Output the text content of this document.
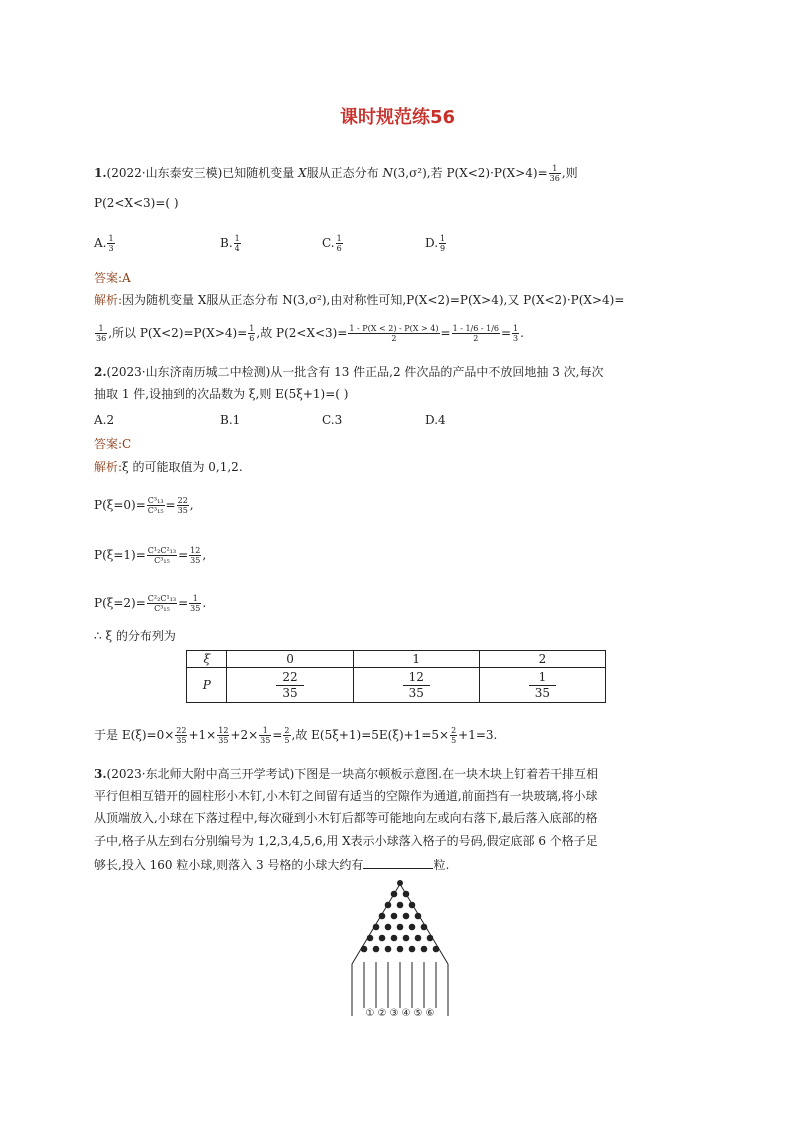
课时规范练56
1.(2022·山东泰安三模)已知随机变量 X服从正态分布 N(3,σ²),若 $P(X<2)\cdot P(X>4)= \frac{1}{36}$ ,则
P(2<X<3)=( )
A. $\frac{1}{3}$	B. $\frac{1}{4}$	C. $\frac{1}{6}$	D. $\frac{1}{9}$
答案:A
解析:因为随机变量 X服从正态分布 N(3,σ²),由对称性可知,P(X<2)=P(X>4),又 P(X<2)·P(X>4)=
$\frac{1}{36}$ ,所以 $P(X<2)=P(X>4)= \frac{1}{6}$ ,故 $P(2<X<3)= \frac{1 - P(X < 2) - P(X > 4)}{2} = \frac{1 - 1/6 - 1/6}{2} = \frac{1}{3}$ .
2.(2023·山东济南历城二中检测)从一批含有 13 件正品,2 件次品的产品中不放回地抽 3 次,每次
抽取 1 件,设抽到的次品数为 ξ,则 E(5ξ+1)=( )
A.2	B.1	C.3	D.4
答案:C
解析:ξ 的可能取值为 0,1,2.
$P(\xi=0)= \frac{\text{C³₁₃}}{\text{C³₁₅}} = \frac{22}{35}$ ,
$P(\xi=1)= \frac{\text{C¹₂C²₁₃}}{\text{C³₁₅}} = \frac{12}{35}$ ,
$P(\xi=2)= \frac{\text{C²₂C¹₁₃}}{\text{C³₁₅}} = \frac{1}{35}$ .
∴ ξ 的分布列为
ξ	0	1	2
P	$\frac{22}{35}$	$\frac{12}{35}$	$\frac{1}{35}$
于是 $E(\xi)=0\times \frac{22}{35} +1\times \frac{12}{35} +2\times \frac{1}{35} = \frac{2}{5}$ ,故 $E(5\xi+1)=5E(\xi)+1=5\times \frac{2}{5} +1=3$.
3.(2023·东北师大附中高三开学考试)下图是一块高尔顿板示意图.在一块木块上钉着若干排互相
平行但相互错开的圆柱形小木钉,小木钉之间留有适当的空隙作为通道,前面挡有一块玻璃,将小球
从顶端放入,小球在下落过程中,每次碰到小木钉后都等可能地向左或向右落下,最后落入底部的格
子中,格子从左到右分别编号为 1,2,3,4,5,6,用 X表示小球落入格子的号码,假定底部 6 个格子足
够长,投入 160 粒小球,则落入 3 号格的小球大约有	粒.
① ② ③ ④ ⑤ ⑥
